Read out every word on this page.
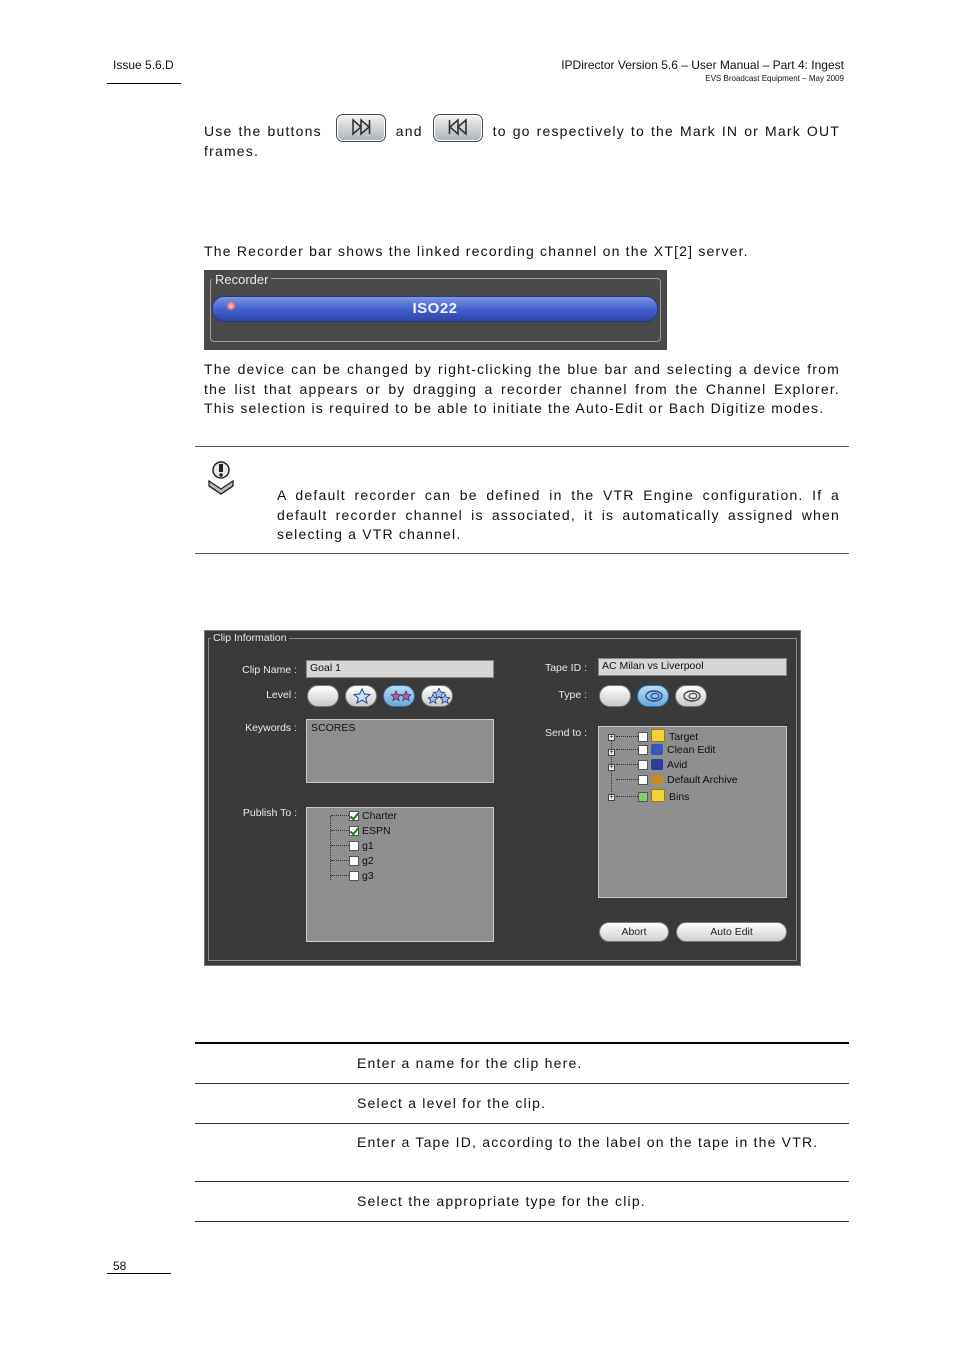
Issue 5.6.D	IPDirector Version 5.6 – User Manual – Part 4: Ingest
EVS Broadcast Equipment – May 2009
Use the buttons	and	to go respectively to the Mark IN or Mark OUT frames.
The Recorder bar shows the linked recording channel on the XT[2] server.
Recorder
ISO22
The device can be changed by right-clicking the blue bar and selecting a device from the list that appears or by dragging a recorder channel from the Channel Explorer. This selection is required to be able to initiate the Auto-Edit or Bach Digitize modes.
A default recorder can be defined in the VTR Engine configuration. If a default recorder channel is associated, it is automatically assigned when selecting a VTR channel.
Clip Information
Clip Name :	Goal 1
Level :
Keywords :	SCORES
Publish To :	Charter
ESPN
g1
g2
g3
Tape ID :	AC Milan vs Liverpool
Type :
Send to :	+	Target
+	Clean Edit
+	Avid
Default Archive
+	Bins
Abort	Auto Edit
Enter a name for the clip here.
Select a level for the clip.
Enter a Tape ID, according to the label on the tape in the VTR.
Select the appropriate type for the clip.
58
